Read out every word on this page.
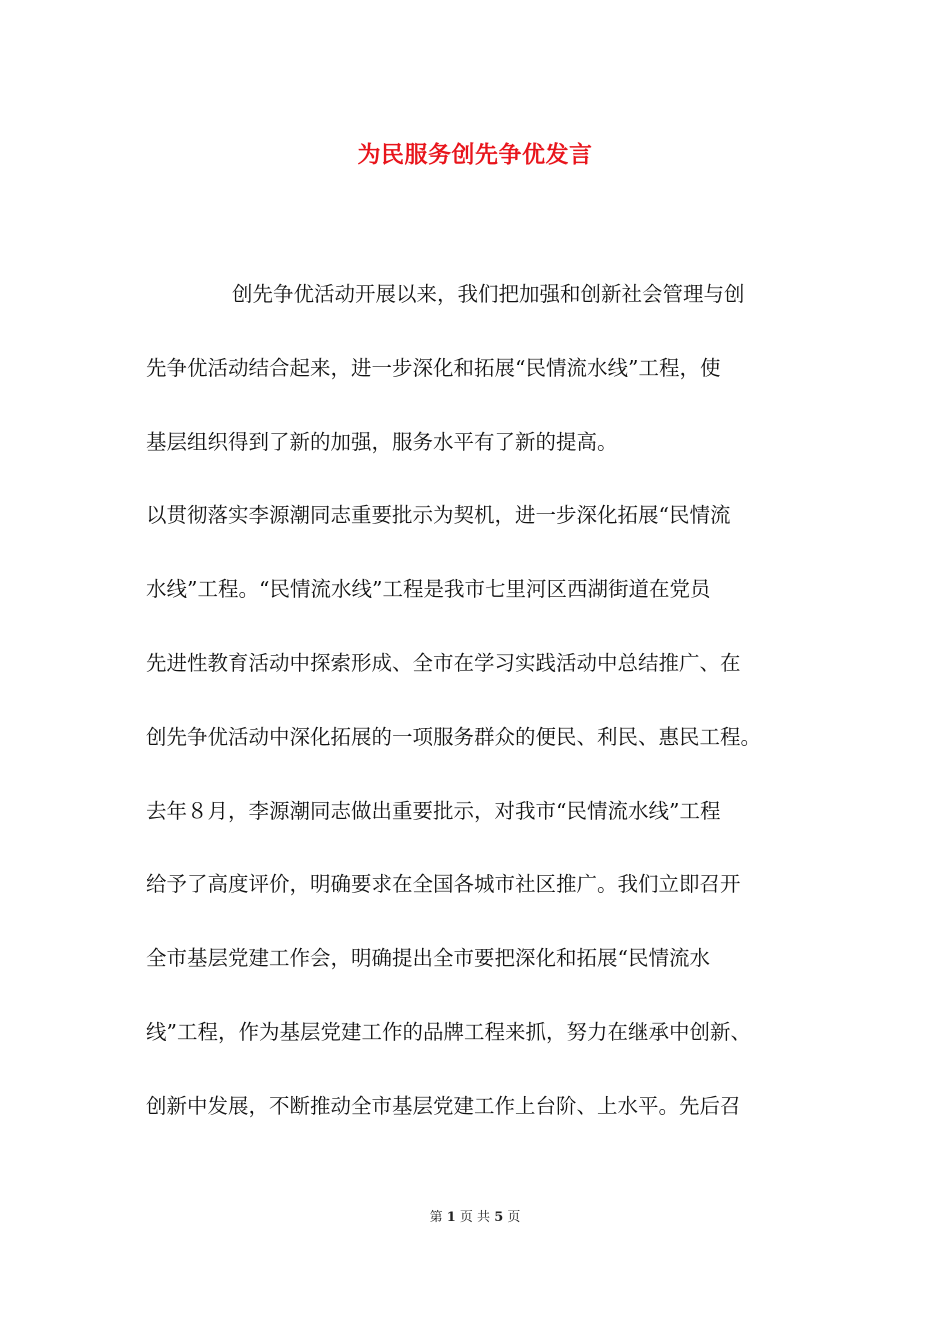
为民服务创先争优发言
创先争优活动开展以来，我们把加强和创新社会管理与创
先争优活动结合起来，进一步深化和拓展“民情流水线”工程，使
基层组织得到了新的加强，服务水平有了新的提高。
以贯彻落实李源潮同志重要批示为契机，进一步深化拓展“民情流
水线”工程。“民情流水线”工程是我市七里河区西湖街道在党员
先进性教育活动中探索形成、全市在学习实践活动中总结推广、在
创先争优活动中深化拓展的一项服务群众的便民、利民、惠民工程。
去年８月，李源潮同志做出重要批示，对我市“民情流水线”工程
给予了高度评价，明确要求在全国各城市社区推广。我们立即召开
全市基层党建工作会，明确提出全市要把深化和拓展“民情流水
线”工程，作为基层党建工作的品牌工程来抓，努力在继承中创新、
创新中发展，不断推动全市基层党建工作上台阶、上水平。先后召
第 1 页 共 5 页
